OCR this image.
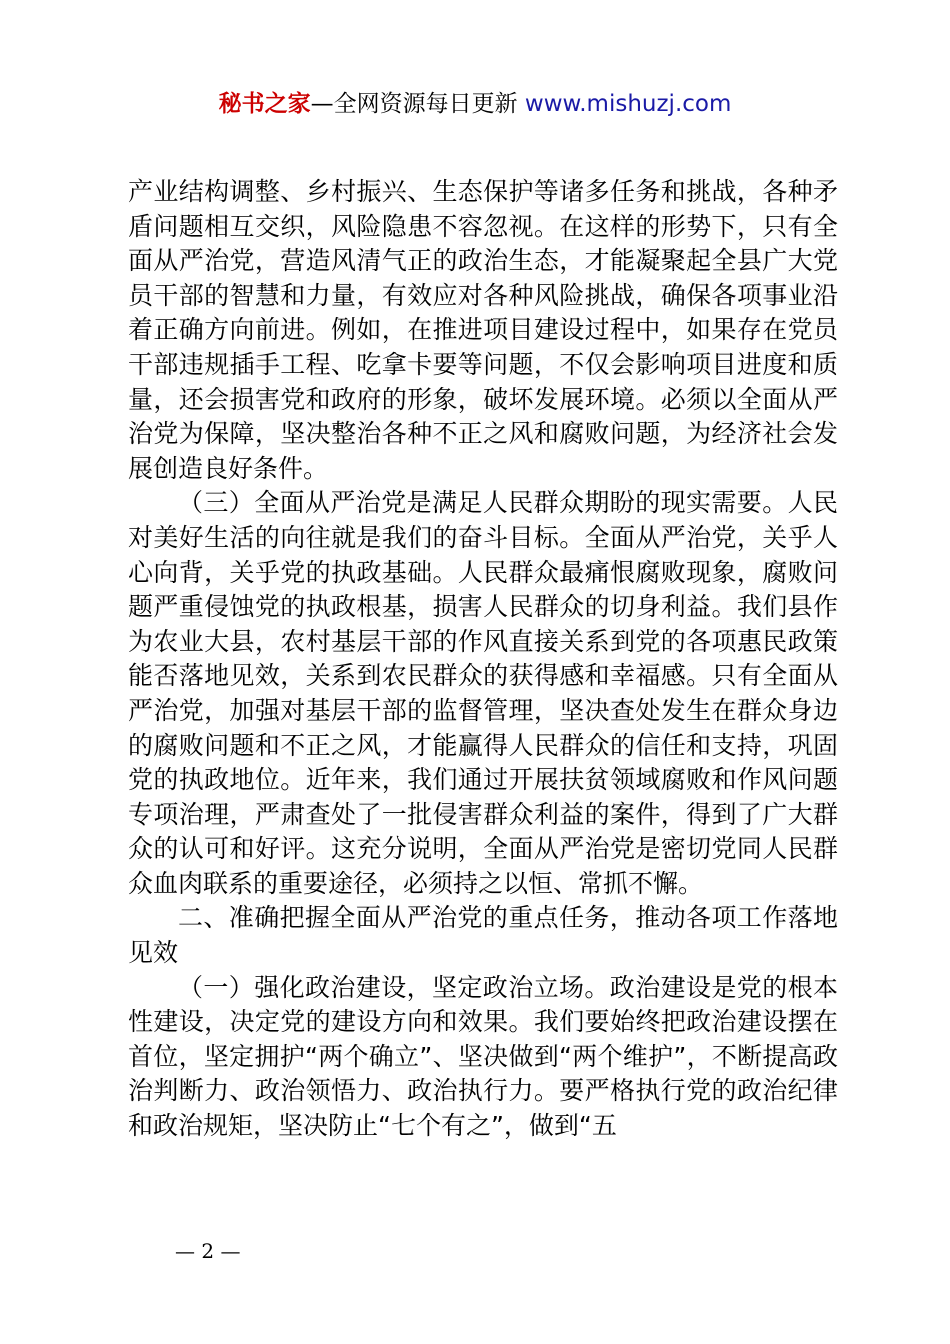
秘书之家—全网资源每日更新 www.mishuzj.com

产业结构调整、乡村振兴、生态保护等诸多任务和挑战，各种矛盾问题相互交织，风险隐患不容忽视。在这样的形势下，只有全面从严治党，营造风清气正的政治生态，才能凝聚起全县广大党员干部的智慧和力量，有效应对各种风险挑战，确保各项事业沿着正确方向前进。例如，在推进项目建设过程中，如果存在党员干部违规插手工程、吃拿卡要等问题，不仅会影响项目进度和质量，还会损害党和政府的形象，破坏发展环境。必须以全面从严治党为保障，坚决整治各种不正之风和腐败问题，为经济社会发展创造良好条件。

（三）全面从严治党是满足人民群众期盼的现实需要。人民对美好生活的向往就是我们的奋斗目标。全面从严治党，关乎人心向背，关乎党的执政基础。人民群众最痛恨腐败现象，腐败问题严重侵蚀党的执政根基，损害人民群众的切身利益。我们县作为农业大县，农村基层干部的作风直接关系到党的各项惠民政策能否落地见效，关系到农民群众的获得感和幸福感。只有全面从严治党，加强对基层干部的监督管理，坚决查处发生在群众身边的腐败问题和不正之风，才能赢得人民群众的信任和支持，巩固党的执政地位。近年来，我们通过开展扶贫领域腐败和作风问题专项治理，严肃查处了一批侵害群众利益的案件，得到了广大群众的认可和好评。这充分说明，全面从严治党是密切党同人民群众血肉联系的重要途径，必须持之以恒、常抓不懈。

二、准确把握全面从严治党的重点任务，推动各项工作落地见效

（一）强化政治建设，坚定政治立场。政治建设是党的根本性建设，决定党的建设方向和效果。我们要始终把政治建设摆在首位，坚定拥护“两个确立”、坚决做到“两个维护”，不断提高政治判断力、政治领悟力、政治执行力。要严格执行党的政治纪律和政治规矩，坚决防止“七个有之”，做到“五

— 2 —
